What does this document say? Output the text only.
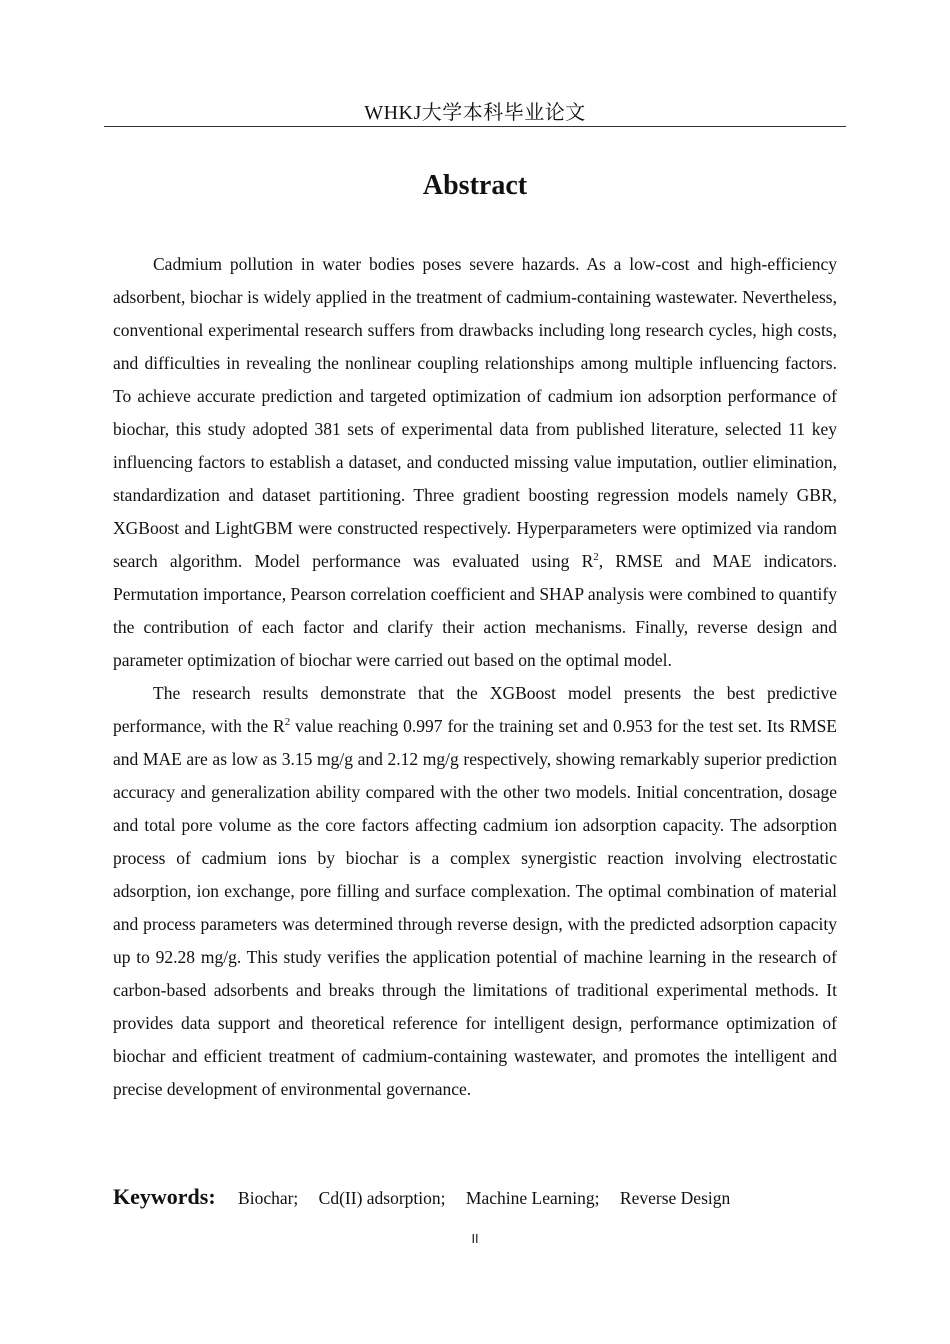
WHKJ大学本科毕业论文
Abstract

Cadmium pollution in water bodies poses severe hazards. As a low-cost and high-efficiency adsorbent, biochar is widely applied in the treatment of cadmium-containing wastewater. Nevertheless, conventional experimental research suffers from drawbacks including long research cycles, high costs, and difficulties in revealing the nonlinear coupling relationships among multiple influencing factors. To achieve accurate prediction and targeted optimization of cadmium ion adsorption performance of biochar, this study adopted 381 sets of experimental data from published literature, selected 11 key influencing factors to establish a dataset, and conducted missing value imputation, outlier elimination, standardization and dataset partitioning. Three gradient boosting regression models namely GBR, XGBoost and LightGBM were constructed respectively. Hyperparameters were optimized via random search algorithm. Model performance was evaluated using $R^2$, RMSE and MAE indicators. Permutation importance, Pearson correlation coefficient and SHAP analysis were combined to quantify the contribution of each factor and clarify their action mechanisms. Finally, reverse design and parameter optimization of biochar were carried out based on the optimal model.

The research results demonstrate that the XGBoost model presents the best predictive performance, with the $R^2$ value reaching 0.997 for the training set and 0.953 for the test set. Its RMSE and MAE are as low as 3.15 mg/g and 2.12 mg/g respectively, showing remarkably superior prediction accuracy and generalization ability compared with the other two models. Initial concentration, dosage and total pore volume as the core factors affecting cadmium ion adsorption capacity. The adsorption process of cadmium ions by biochar is a complex synergistic reaction involving electrostatic adsorption, ion exchange, pore filling and surface complexation. The optimal combination of material and process parameters was determined through reverse design, with the predicted adsorption capacity up to 92.28 mg/g. This study verifies the application potential of machine learning in the research of carbon-based adsorbents and breaks through the limitations of traditional experimental methods. It provides data support and theoretical reference for intelligent design, performance optimization of biochar and efficient treatment of cadmium-containing wastewater, and promotes the intelligent and precise development of environmental governance.

Keywords: Biochar; Cd(II) adsorption; Machine Learning; Reverse Design
II
